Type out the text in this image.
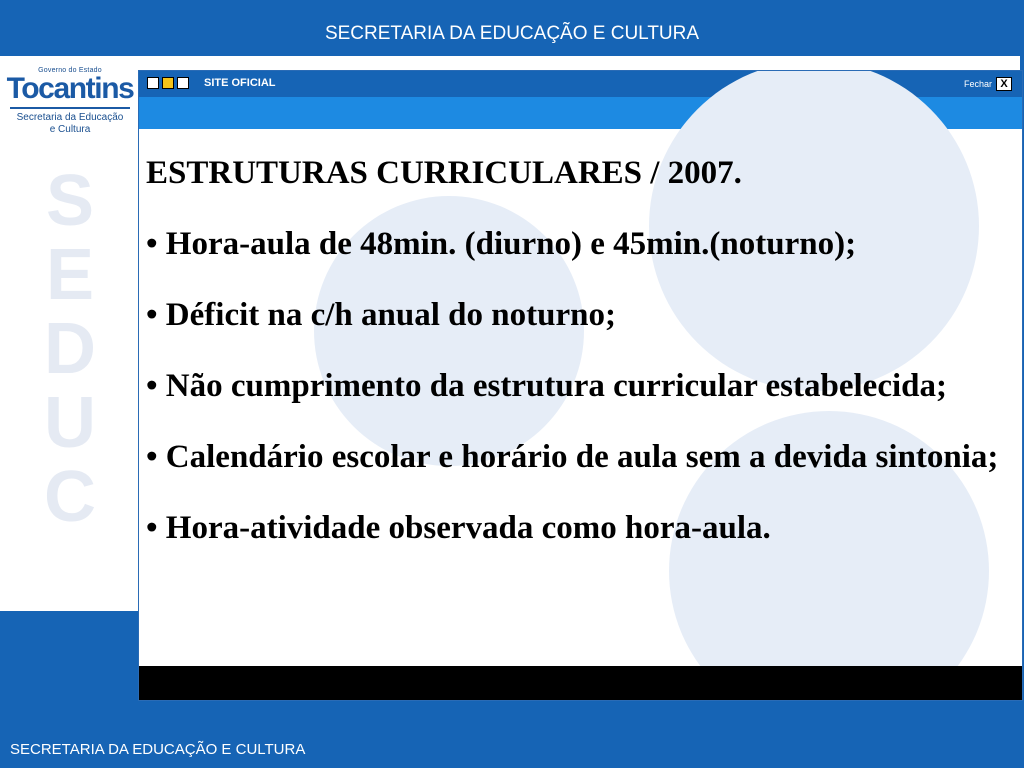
SECRETARIA DA EDUCAÇÃO E CULTURA
Governo do Estado
Tocantins
Secretaria da Educação
e Cultura
S
E
D
U
C
SITE OFICIAL	Fechar X

ESTRUTURAS CURRICULARES / 2007.

• Hora-aula de 48min. (diurno) e 45min.(noturno);

• Déficit na c/h anual do noturno;

• Não cumprimento da estrutura curricular estabelecida;

• Calendário escolar e horário de aula sem a devida sintonia;

• Hora-atividade observada como hora-aula.

SECRETARIA DA EDUCAÇÃO E CULTURA
